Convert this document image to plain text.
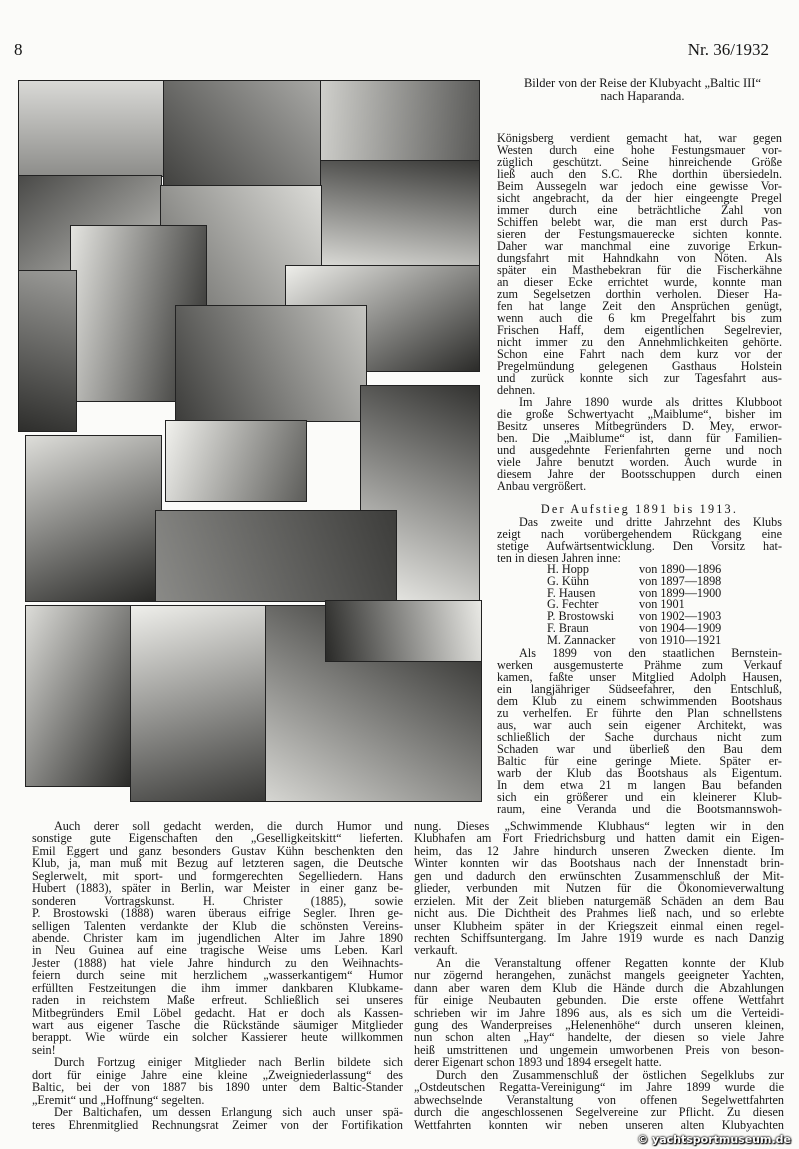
8	Nr. 36/1932
Bilder von der Reise der Klubyacht „Baltic III“
nach Haparanda.
Königsberg verdient gemacht hat, war gegen
Westen durch eine hohe Festungsmauer vor-
züglich geschützt. Seine hinreichende Größe
ließ auch den S.C. Rhe dorthin übersiedeln.
Beim Aussegeln war jedoch eine gewisse Vor-
sicht angebracht, da der hier eingeengte Pregel
immer durch eine beträchtliche Zahl von
Schiffen belebt war, die man erst durch Pas-
sieren der Festungsmauerecke sichten konnte.
Daher war manchmal eine zuvorige Erkun-
dungsfahrt mit Hahndkahn von Nöten. Als
später ein Masthebekran für die Fischerkähne
an dieser Ecke errichtet wurde, konnte man
zum Segelsetzen dorthin verholen. Dieser Ha-
fen hat lange Zeit den Ansprüchen genügt,
wenn auch die 6 km Pregelfahrt bis zum
Frischen Haff, dem eigentlichen Segelrevier,
nicht immer zu den Annehmlichkeiten gehörte.
Schon eine Fahrt nach dem kurz vor der
Pregelmündung gelegenen Gasthaus Holstein
und zurück konnte sich zur Tagesfahrt aus-
dehnen.
Im Jahre 1890 wurde als drittes Klubboot
die große Schwertyacht „Maiblume“, bisher im
Besitz unseres Mitbegründers D. Mey, erwor-
ben. Die „Maiblume“ ist, dann für Familien-
und ausgedehnte Ferienfahrten gerne und noch
viele Jahre benutzt worden. Auch wurde in
diesem Jahre der Bootsschuppen durch einen
Anbau vergrößert.
Der Aufstieg 1891 bis 1913.
Das zweite und dritte Jahrzehnt des Klubs
zeigt nach vorübergehendem Rückgang eine
stetige Aufwärtsentwicklung. Den Vorsitz hat-
ten in diesen Jahren inne:
H. Hopp	von 1890—1896
G. Kühn	von 1897—1898
F. Hausen	von 1899—1900
G. Fechter	von 1901
P. Brostowski	von 1902—1903
F. Braun	von 1904—1909
M. Zannacker	von 1910—1921
Als 1899 von den staatlichen Bernstein-
werken ausgemusterte Prähme zum Verkauf
kamen, faßte unser Mitglied Adolph Hausen,
ein langjähriger Südseefahrer, den Entschluß,
dem Klub zu einem schwimmenden Bootshaus
zu verhelfen. Er führte den Plan schnellstens
aus, war auch sein eigener Architekt, was
schließlich der Sache durchaus nicht zum
Schaden war und überließ den Bau dem
Baltic für eine geringe Miete. Später er-
warb der Klub das Bootshaus als Eigentum.
In dem etwa 21 m langen Bau befanden
sich ein größerer und ein kleinerer Klub-
raum, eine Veranda und die Bootsmannswoh-
Auch derer soll gedacht werden, die durch Humor und
sonstige gute Eigenschaften den „Geselligkeitskitt“ lieferten.
Emil Eggert und ganz besonders Gustav Kühn beschenkten den
Klub, ja, man muß mit Bezug auf letzteren sagen, die Deutsche
Seglerwelt, mit sport- und formgerechten Segelliedern. Hans
Hubert (1883), später in Berlin, war Meister in einer ganz be-
sonderen Vortragskunst. H. Christer (1885), sowie
P. Brostowski (1888) waren überaus eifrige Segler. Ihren ge-
selligen Talenten verdankte der Klub die schönsten Vereins-
abende. Christer kam im jugendlichen Alter im Jahre 1890
in Neu Guinea auf eine tragische Weise ums Leben. Karl
Jester (1888) hat viele Jahre hindurch zu den Weihnachts-
feiern durch seine mit herzlichem „wasserkantigem“ Humor
erfüllten Festzeitungen die ihm immer dankbaren Klubkame-
raden in reichstem Maße erfreut. Schließlich sei unseres
Mitbegründers Emil Löbel gedacht. Hat er doch als Kassen-
wart aus eigener Tasche die Rückstände säumiger Mitglieder
berappt. Wie würde ein solcher Kassierer heute willkommen
sein!
Durch Fortzug einiger Mitglieder nach Berlin bildete sich
dort für einige Jahre eine kleine „Zweigniederlassung“ des
Baltic, bei der von 1887 bis 1890 unter dem Baltic-Stander
„Eremit“ und „Hoffnung“ segelten.
Der Baltichafen, um dessen Erlangung sich auch unser spä-
teres Ehrenmitglied Rechnungsrat Zeimer von der Fortifikation
nung. Dieses „Schwimmende Klubhaus“ legten wir in den
Klubhafen am Fort Friedrichsburg und hatten damit ein Eigen-
heim, das 12 Jahre hindurch unseren Zwecken diente. Im
Winter konnten wir das Bootshaus nach der Innenstadt brin-
gen und dadurch den erwünschten Zusammenschluß der Mit-
glieder, verbunden mit Nutzen für die Ökonomieverwaltung
erzielen. Mit der Zeit blieben naturgemäß Schäden an dem Bau
nicht aus. Die Dichtheit des Prahmes ließ nach, und so erlebte
unser Klubheim später in der Kriegszeit einmal einen regel-
rechten Schiffsuntergang. Im Jahre 1919 wurde es nach Danzig
verkauft.
An die Veranstaltung offener Regatten konnte der Klub
nur zögernd herangehen, zunächst mangels geeigneter Yachten,
dann aber waren dem Klub die Hände durch die Abzahlungen
für einige Neubauten gebunden. Die erste offene Wettfahrt
schrieben wir im Jahre 1896 aus, als es sich um die Verteidi-
gung des Wanderpreises „Helenenhöhe“ durch unseren kleinen,
nun schon alten „Hay“ handelte, der diesen so viele Jahre
heiß umstrittenen und ungemein umworbenen Preis von beson-
derer Eigenart schon 1893 und 1894 ersegelt hatte.
Durch den Zusammenschluß der östlichen Segelklubs zur
„Ostdeutschen Regatta-Vereinigung“ im Jahre 1899 wurde die
abwechselnde Veranstaltung von offenen Segelwettfahrten
durch die angeschlossenen Segelvereine zur Pflicht. Zu diesen
Wettfahrten konnten wir neben unseren alten Klubyachten
© yachtsportmuseum.de
